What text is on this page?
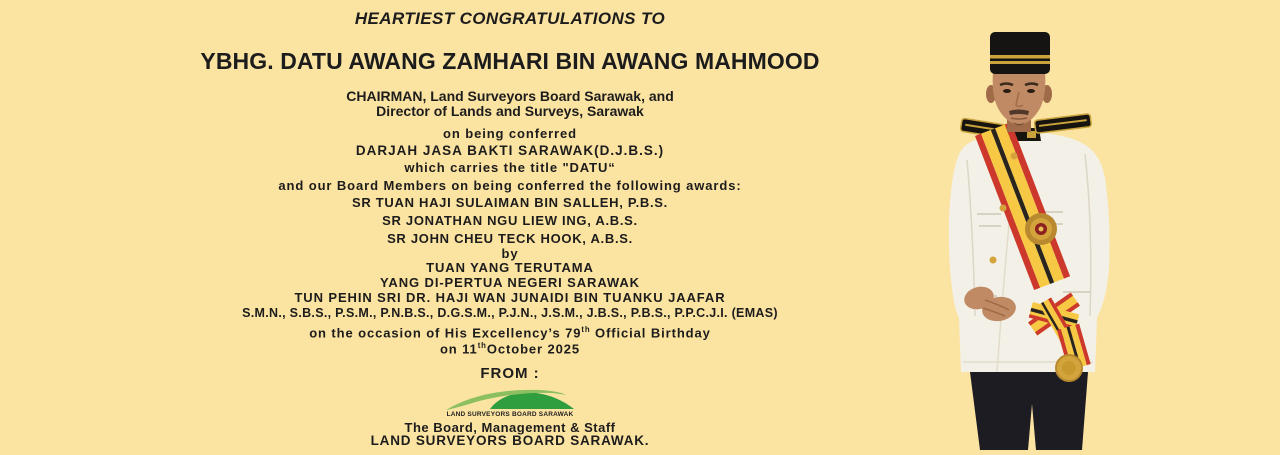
HEARTIEST CONGRATULATIONS TO
YBHG. DATU AWANG ZAMHARI BIN AWANG MAHMOOD
CHAIRMAN, Land Surveyors Board Sarawak, and
Director of Lands and Surveys, Sarawak
on being conferred
DARJAH JASA BAKTI SARAWAK(D.J.B.S.)
which carries the title "DATU“
and our Board Members on being conferred the following awards:
SR TUAN HAJI SULAIMAN BIN SALLEH, P.B.S.
SR JONATHAN NGU LIEW ING, A.B.S.
SR JOHN CHEU TECK HOOK, A.B.S.
by
TUAN YANG TERUTAMA
YANG DI-PERTUA NEGERI SARAWAK
TUN PEHIN SRI DR. HAJI WAN JUNAIDI BIN TUANKU JAAFAR
S.M.N., S.B.S., P.S.M., P.N.B.S., D.G.S.M., P.J.N., J.S.M., J.B.S., P.B.S., P.P.C.J.I. (EMAS)
on the occasion of His Excellency’s 79th Official Birthday
on 11thOctober 2025
FROM :
LAND SURVEYORS BOARD SARAWAK
The Board, Management & Staff
LAND SURVEYORS BOARD SARAWAK.
